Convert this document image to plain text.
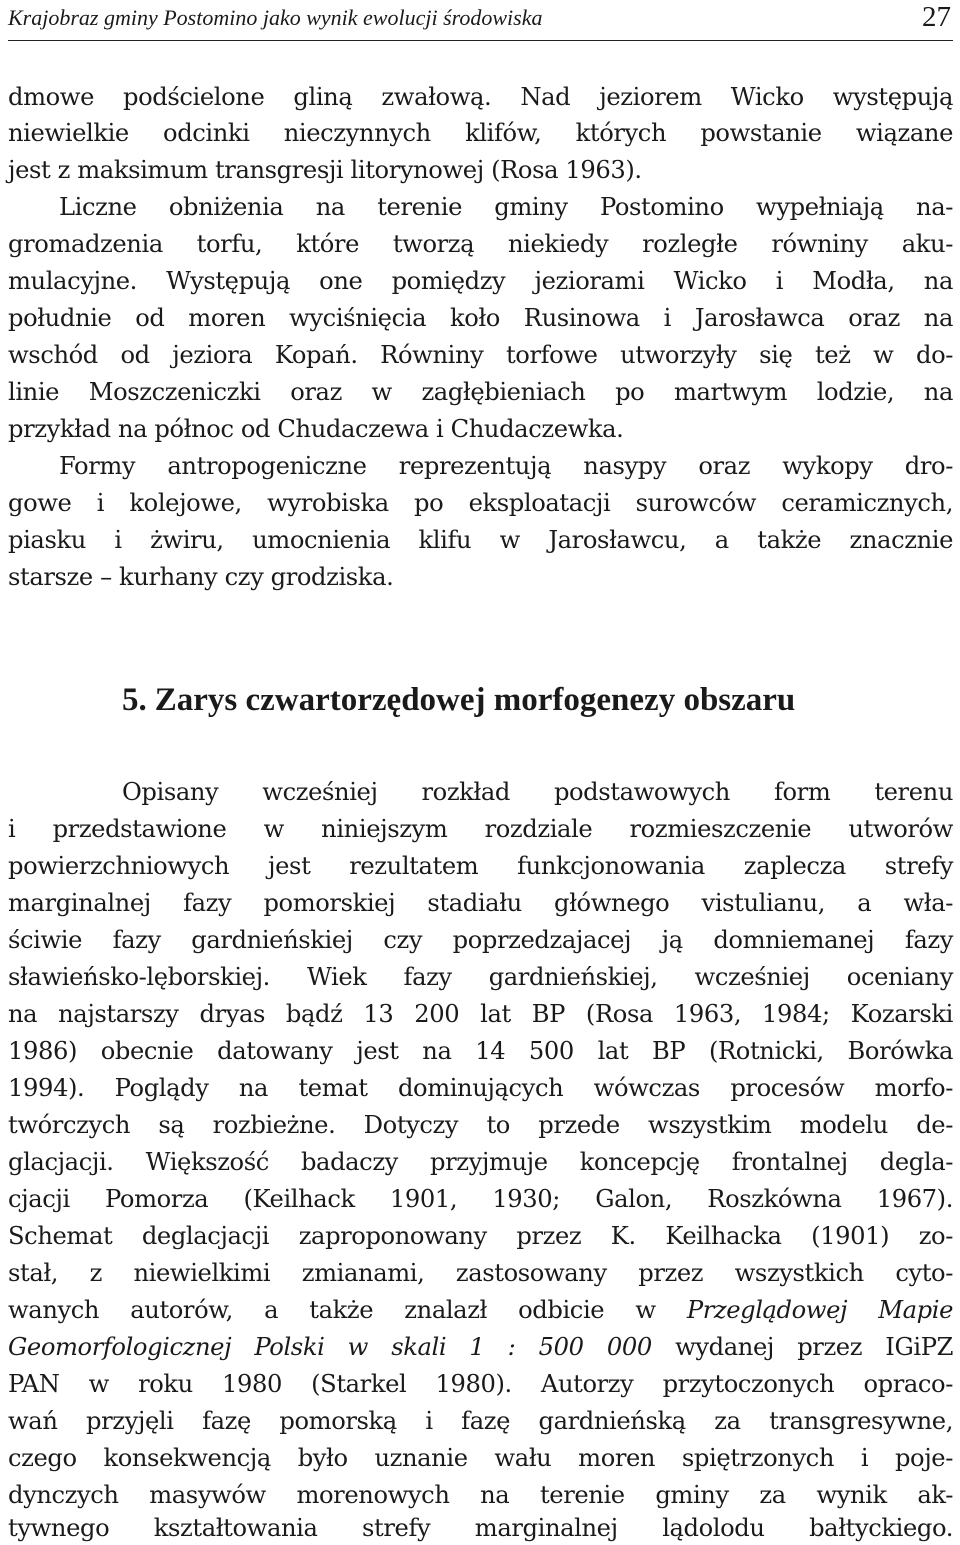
Krajobraz gminy Postomino jako wynik ewolucji środowiska	27
dmowe podścielone gliną zwałową. Nad jeziorem Wicko występują
niewielkie odcinki nieczynnych klifów, których powstanie wiązane
jest z maksimum transgresji litorynowej (Rosa 1963).
Liczne obniżenia na terenie gminy Postomino wypełniają na-
gromadzenia torfu, które tworzą niekiedy rozległe równiny aku-
mulacyjne. Występują one pomiędzy jeziorami Wicko i Modła, na
południe od moren wyciśnięcia koło Rusinowa i Jarosławca oraz na
wschód od jeziora Kopań. Równiny torfowe utworzyły się też w do-
linie Moszczeniczki oraz w zagłębieniach po martwym lodzie, na
przykład na północ od Chudaczewa i Chudaczewka.
Formy antropogeniczne reprezentują nasypy oraz wykopy dro-
gowe i kolejowe, wyrobiska po eksploatacji surowców ceramicznych,
piasku i żwiru, umocnienia klifu w Jarosławcu, a także znacznie
starsze – kurhany czy grodziska.
5. Zarys czwartorzędowej morfogenezy obszaru
Opisany wcześniej rozkład podstawowych form terenu
i przedstawione w niniejszym rozdziale rozmieszczenie utworów
powierzchniowych jest rezultatem funkcjonowania zaplecza strefy
marginalnej fazy pomorskiej stadiału głównego vistulianu, a wła-
ściwie fazy gardnieńskiej czy poprzedzajacej ją domniemanej fazy
sławieńsko-lęborskiej. Wiek fazy gardnieńskiej, wcześniej oceniany
na najstarszy dryas bądź 13 200 lat BP (Rosa 1963, 1984; Kozarski
1986) obecnie datowany jest na 14 500 lat BP (Rotnicki, Borówka
1994). Poglądy na temat dominujących wówczas procesów morfo-
twórczych są rozbieżne. Dotyczy to przede wszystkim modelu de-
glacjacji. Większość badaczy przyjmuje koncepcję frontalnej degla-
cjacji Pomorza (Keilhack 1901, 1930; Galon, Roszkówna 1967).
Schemat deglacjacji zaproponowany przez K. Keilhacka (1901) zo-
stał, z niewielkimi zmianami, zastosowany przez wszystkich cyto-
wanych autorów, a także znalazł odbicie w Przeglądowej Mapie
Geomorfologicznej Polski w skali 1 : 500 000 wydanej przez IGiPZ
PAN w roku 1980 (Starkel 1980). Autorzy przytoczonych opraco-
wań przyjęli fazę pomorską i fazę gardnieńską za transgresywne,
czego konsekwencją było uznanie wału moren spiętrzonych i poje-
dynczych masywów morenowych na terenie gminy za wynik ak-
tywnego kształtowania strefy marginalnej lądolodu bałtyckiego.
